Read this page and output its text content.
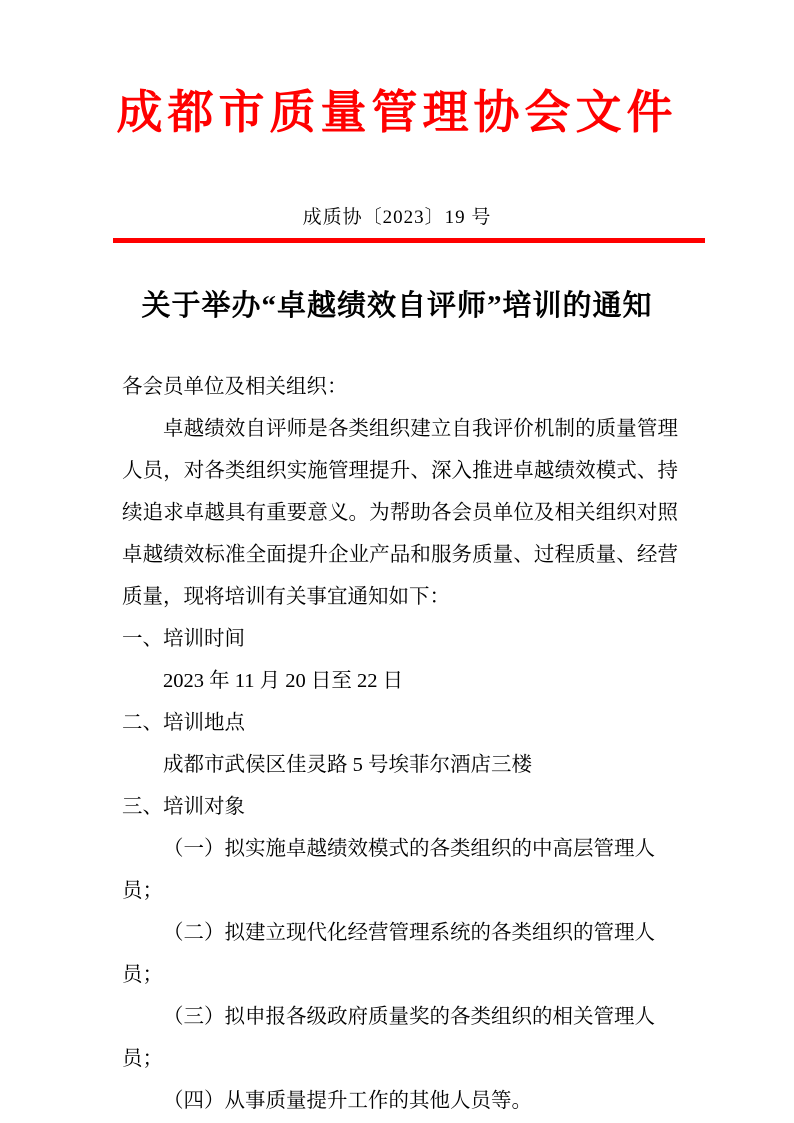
成都市质量管理协会文件
成质协〔2023〕19 号
关于举办“卓越绩效自评师”培训的通知

各会员单位及相关组织：

卓越绩效自评师是各类组织建立自我评价机制的质量管理人员，对各类组织实施管理提升、深入推进卓越绩效模式、持续追求卓越具有重要意义。为帮助各会员单位及相关组织对照卓越绩效标准全面提升企业产品和服务质量、过程质量、经营质量，现将培训有关事宜通知如下：

一、培训时间

2023 年 11 月 20 日至 22 日

二、培训地点

成都市武侯区佳灵路 5 号埃菲尔酒店三楼

三、培训对象

（一）拟实施卓越绩效模式的各类组织的中高层管理人员；

（二）拟建立现代化经营管理系统的各类组织的管理人员；

（三）拟申报各级政府质量奖的各类组织的相关管理人员；

（四）从事质量提升工作的其他人员等。
